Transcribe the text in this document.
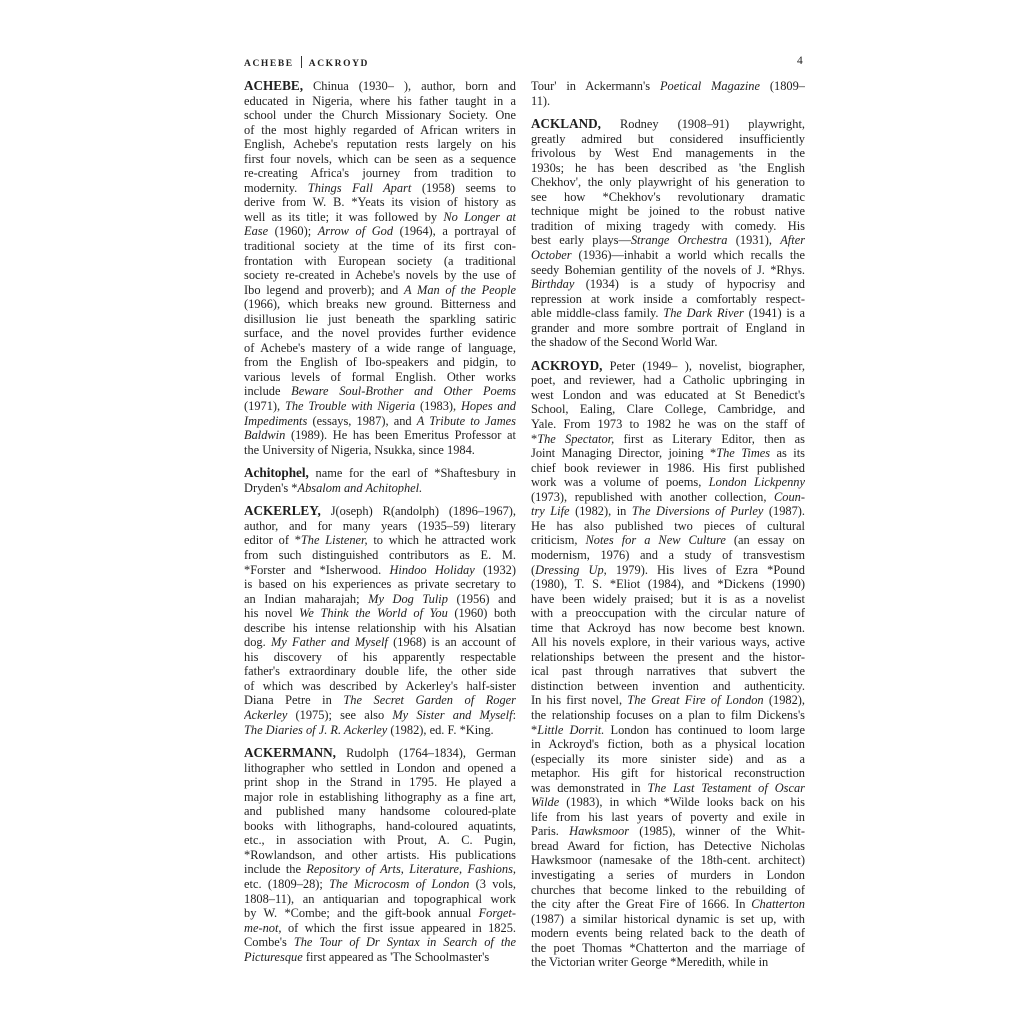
ACHEBE ACKROYD	4
ACHEBE, Chinua (1930– ), author, born and
educated in Nigeria, where his father taught in a
school under the Church Missionary Society. One
of the most highly regarded of African writers in
English, Achebe's reputation rests largely on his
first four novels, which can be seen as a sequence
re-creating Africa's journey from tradition to
modernity. Things Fall Apart (1958) seems to
derive from W. B. *Yeats its vision of history as
well as its title; it was followed by No Longer at
Ease (1960); Arrow of God (1964), a portrayal of
traditional society at the time of its first con-
frontation with European society (a traditional
society re-created in Achebe's novels by the use of
Ibo legend and proverb); and A Man of the People
(1966), which breaks new ground. Bitterness and
disillusion lie just beneath the sparkling satiric
surface, and the novel provides further evidence
of Achebe's mastery of a wide range of language,
from the English of Ibo-speakers and pidgin, to
various levels of formal English. Other works
include Beware Soul-Brother and Other Poems
(1971), The Trouble with Nigeria (1983), Hopes and
Impediments (essays, 1987), and A Tribute to James
Baldwin (1989). He has been Emeritus Professor at
the University of Nigeria, Nsukka, since 1984.
Achitophel, name for the earl of *Shaftesbury in
Dryden's *Absalom and Achitophel.
ACKERLEY, J(oseph) R(andolph) (1896–1967),
author, and for many years (1935–59) literary
editor of *The Listener, to which he attracted work
from such distinguished contributors as E. M.
*Forster and *Isherwood. Hindoo Holiday (1932)
is based on his experiences as private secretary to
an Indian maharajah; My Dog Tulip (1956) and
his novel We Think the World of You (1960) both
describe his intense relationship with his Alsatian
dog. My Father and Myself (1968) is an account of
his discovery of his apparently respectable
father's extraordinary double life, the other side
of which was described by Ackerley's half-sister
Diana Petre in The Secret Garden of Roger
Ackerley (1975); see also My Sister and Myself:
The Diaries of J. R. Ackerley (1982), ed. F. *King.
ACKERMANN, Rudolph (1764–1834), German
lithographer who settled in London and opened a
print shop in the Strand in 1795. He played a
major role in establishing lithography as a fine art,
and published many handsome coloured-plate
books with lithographs, hand-coloured aquatints,
etc., in association with Prout, A. C. Pugin,
*Rowlandson, and other artists. His publications
include the Repository of Arts, Literature, Fashions,
etc. (1809–28); The Microcosm of London (3 vols,
1808–11), an antiquarian and topographical work
by W. *Combe; and the gift-book annual Forget-
me-not, of which the first issue appeared in 1825.
Combe's The Tour of Dr Syntax in Search of the
Picturesque first appeared as 'The Schoolmaster's
Tour' in Ackermann's Poetical Magazine (1809–
11).
ACKLAND, Rodney (1908–91) playwright,
greatly admired but considered insufficiently
frivolous by West End managements in the
1930s; he has been described as 'the English
Chekhov', the only playwright of his generation to
see how *Chekhov's revolutionary dramatic
technique might be joined to the robust native
tradition of mixing tragedy with comedy. His
best early plays—Strange Orchestra (1931), After
October (1936)—inhabit a world which recalls the
seedy Bohemian gentility of the novels of J. *Rhys.
Birthday (1934) is a study of hypocrisy and
repression at work inside a comfortably respect-
able middle-class family. The Dark River (1941) is a
grander and more sombre portrait of England in
the shadow of the Second World War.
ACKROYD, Peter (1949– ), novelist, biographer,
poet, and reviewer, had a Catholic upbringing in
west London and was educated at St Benedict's
School, Ealing, Clare College, Cambridge, and
Yale. From 1973 to 1982 he was on the staff of
*The Spectator, first as Literary Editor, then as
Joint Managing Director, joining *The Times as its
chief book reviewer in 1986. His first published
work was a volume of poems, London Lickpenny
(1973), republished with another collection, Coun-
try Life (1982), in The Diversions of Purley (1987).
He has also published two pieces of cultural
criticism, Notes for a New Culture (an essay on
modernism, 1976) and a study of transvestism
(Dressing Up, 1979). His lives of Ezra *Pound
(1980), T. S. *Eliot (1984), and *Dickens (1990)
have been widely praised; but it is as a novelist
with a preoccupation with the circular nature of
time that Ackroyd has now become best known.
All his novels explore, in their various ways, active
relationships between the present and the histor-
ical past through narratives that subvert the
distinction between invention and authenticity.
In his first novel, The Great Fire of London (1982),
the relationship focuses on a plan to film Dickens's
*Little Dorrit. London has continued to loom large
in Ackroyd's fiction, both as a physical location
(especially its more sinister side) and as a
metaphor. His gift for historical reconstruction
was demonstrated in The Last Testament of Oscar
Wilde (1983), in which *Wilde looks back on his
life from his last years of poverty and exile in
Paris. Hawksmoor (1985), winner of the Whit-
bread Award for fiction, has Detective Nicholas
Hawksmoor (namesake of the 18th-cent. architect)
investigating a series of murders in London
churches that become linked to the rebuilding of
the city after the Great Fire of 1666. In Chatterton
(1987) a similar historical dynamic is set up, with
modern events being related back to the death of
the poet Thomas *Chatterton and the marriage of
the Victorian writer George *Meredith, while in
